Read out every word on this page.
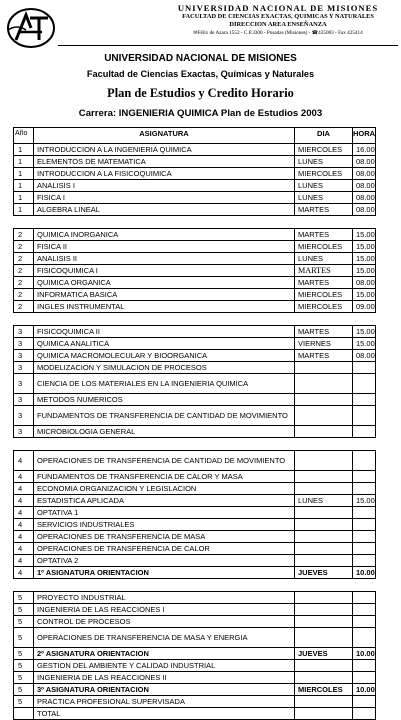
UNIVERSIDAD NACIONAL DE MISIONES
FACULTAD DE CIENCIAS EXACTAS, QUIMICAS Y NATURALES
DIRECCION AREA ENSEÑANZA
✉Félix de Azara 1552 - C.P.3300 - Posadas (Misiones) - ☎435083 - Fax 425414
UNIVERSIDAD NACIONAL DE MISIONES
Facultad de Ciencias Exactas, Químicas y Naturales
Plan de Estudios y Credito Horario
Carrera: INGENIERIA QUIMICA Plan de Estudios 2003
Año	ASIGNATURA	DIA	HORA
1	INTRODUCCION A LA INGENIERIA QUIMICA	MIERCOLES	16.00
1	ELEMENTOS DE MATEMATICA	LUNES	08.00
1	INTRODUCCION A LA FISICOQUIMICA	MIERCOLES	08.00
1	ANALISIS I	LUNES	08.00
1	FISICA I	LUNES	08.00
1	ALGEBRA LINEAL	MARTES	08.00
2	QUIMICA INORGANICA	MARTES	15.00
2	FISICA II	MIERCOLES	15.00
2	ANALISIS II	LUNES	15.00
2	FISICOQUIMICA I	MARTES	15.00
2	QUIMICA ORGANICA	MARTES	08.00
2	INFORMATICA BASICA	MIERCOLES	15.00
2	INGLES INSTRUMENTAL	MIERCOLES	09.00
3	FISICOQUIMICA II	MARTES	15.00
3	QUIMICA ANALITICA	VIERNES	15.00
3	QUIMICA MACROMOLECULAR Y BIOORGANICA	MARTES	08.00
3	MODELIZACION Y SIMULACION DE PROCESOS
3	CIENCIA DE LOS MATERIALES EN LA INGENIERIA QUIMICA
3	METODOS NUMERICOS
3	FUNDAMENTOS DE TRANSFERENCIA DE CANTIDAD DE MOVIMIENTO
3	MICROBIOLOGIA GENERAL
4	OPERACIONES DE TRANSFERENCIA DE CANTIDAD DE MOVIMIENTO
4	FUNDAMENTOS DE TRANSFERENCIA DE CALOR Y MASA
4	ECONOMIA ORGANIZACION Y LEGISLACION
4	ESTADISTICA APLICADA	LUNES	15.00
4	OPTATIVA 1
4	SERVICIOS INDUSTRIALES
4	OPERACIONES DE TRANSFERENCIA DE MASA
4	OPERACIONES DE TRANSFERENCIA DE CALOR
4	OPTATIVA 2
4	1º ASIGNATURA ORIENTACION	JUEVES	10.00
5	PROYECTO INDUSTRIAL
5	INGENIERIA DE LAS REACCIONES I
5	CONTROL DE PROCESOS
5	OPERACIONES DE TRANSFERENCIA DE MASA Y ENERGIA
5	2º ASIGNATURA ORIENTACION	JUEVES	10.00
5	GESTION DEL AMBIENTE Y CALIDAD INDUSTRIAL
5	INGENIERIA DE LAS REACCIONES II
5	3º ASIGNATURA ORIENTACION	MIERCOLES	10.00
5	PRACTICA PROFESIONAL SUPERVISADA
TOTAL
